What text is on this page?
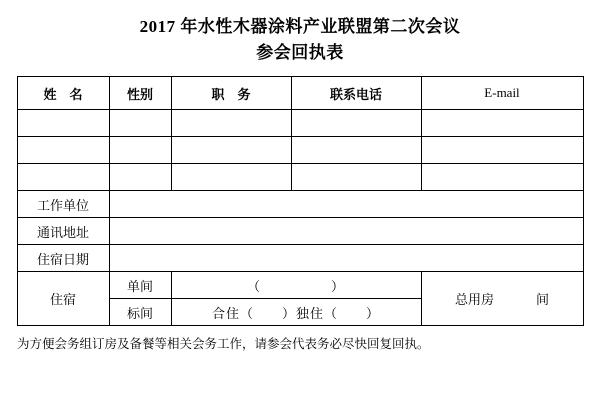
2017 年水性木器涂料产业联盟第二次会议
参会回执表
姓　名	性别	职　务	联系电话	E-mail

工作单位				
通讯地址				
住宿日期				
住宿	单间	（　　　　　）		总用房 间
	标间	合住（　　）独住（　　）		
为方便会务组订房及备餐等相关会务工作，请参会代表务必尽快回复回执。
